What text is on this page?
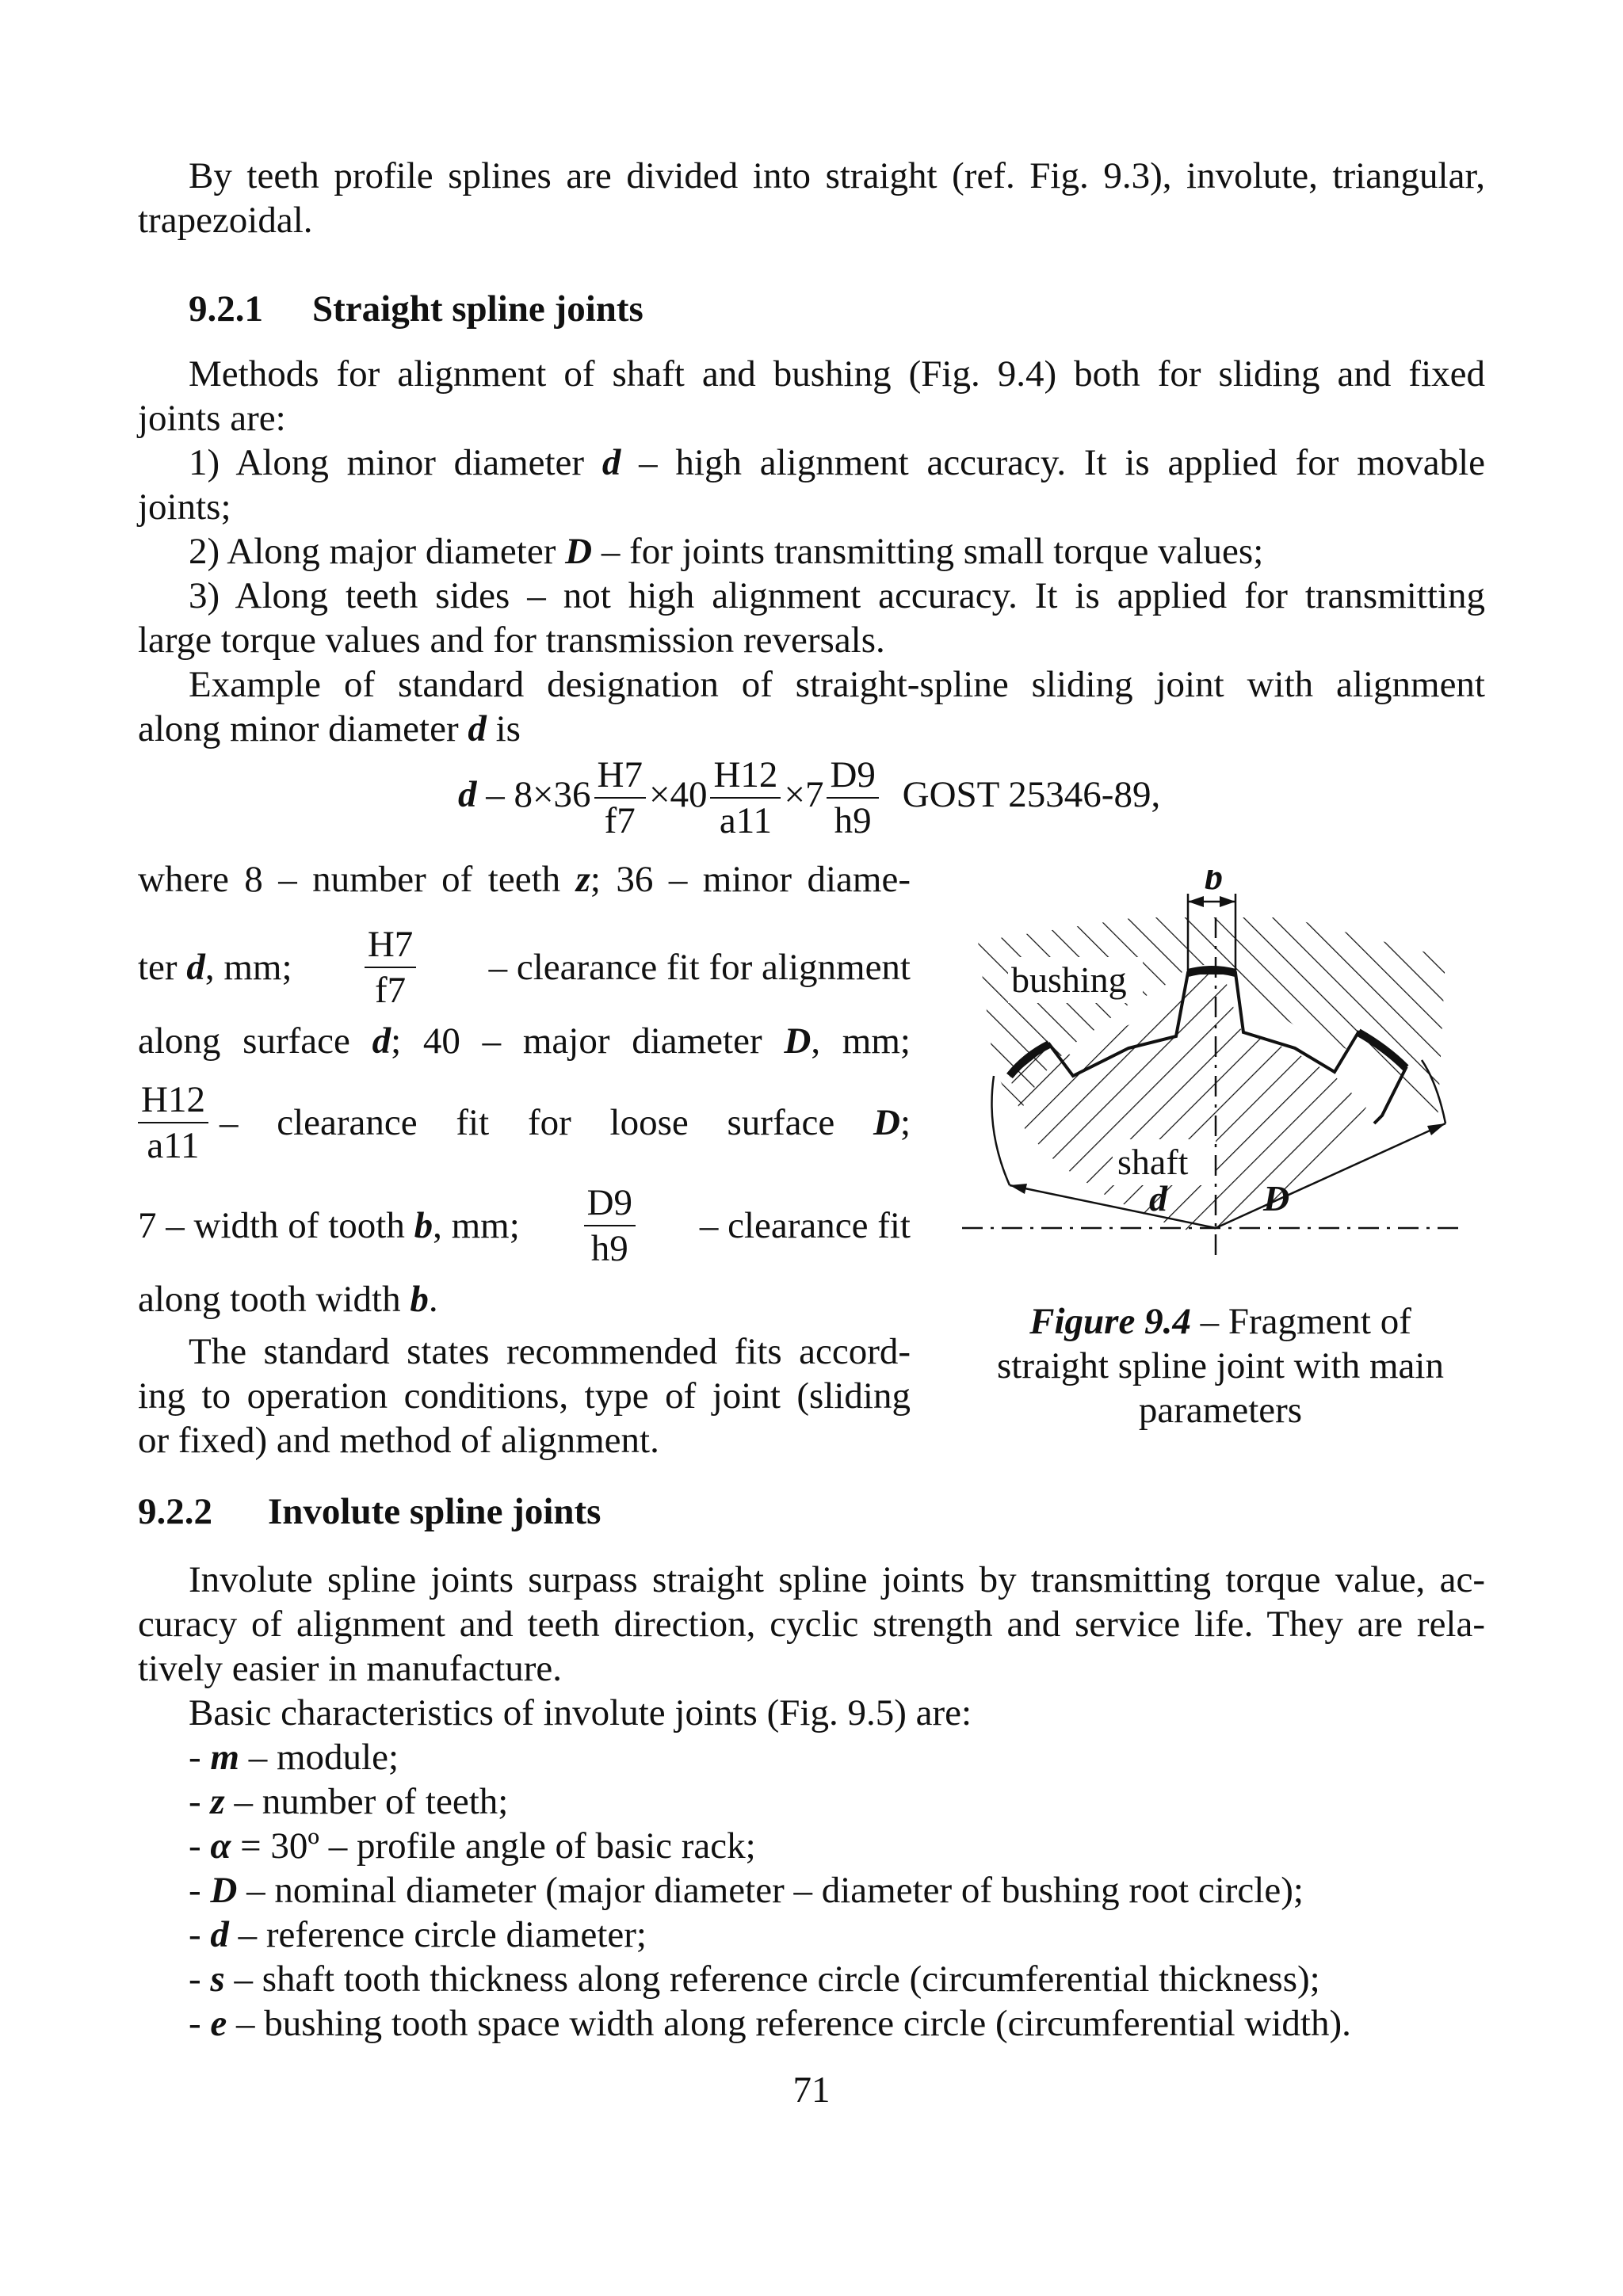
By teeth profile splines are divided into straight (ref. Fig. 9.3), involute, triangular,

trapezoidal.

9.2.1 Straight spline joints

Methods for alignment of shaft and bushing (Fig. 9.4) both for sliding and fixed

joints are:

1) Along minor diameter d – high alignment accuracy. It is applied for movable

joints;

2) Along major diameter D – for joints transmitting small torque values;

3) Along teeth sides – not high alignment accuracy. It is applied for transmitting

large torque values and for transmission reversals.

Example of standard designation of straight-spline sliding joint with alignment

along minor diameter d is

$d - 8\times 36 \frac{H7}{f7} \times 40 \frac{H12}{a11} \times 7 \frac{D9}{h9}$ GOST 25346-89,

where 8 – number of teeth z; 36 – minor diame-

ter d, mm; $\frac{H7}{f7}$ – clearance fit for alignment

along surface d; 40 – major diameter D, mm;

$\frac{H12}{a11}$ – clearance fit for loose surface D;

7 – width of tooth b, mm; $\frac{D9}{h9}$ – clearance fit

along tooth width b.

The standard states recommended fits accord-

ing to operation conditions, type of joint (sliding

or fixed) and method of alignment.

b
bushing
shaft
d	D
Figure 9.4 – Fragment of
straight spline joint with main
parameters
9.2.2 Involute spline joints

Involute spline joints surpass straight spline joints by transmitting torque value, ac-

curacy of alignment and teeth direction, cyclic strength and service life. They are rela-

tively easier in manufacture.

Basic characteristics of involute joints (Fig. 9.5) are:

- m – module;

- z – number of teeth;

- α = 30º – profile angle of basic rack;

- D – nominal diameter (major diameter – diameter of bushing root circle);

- d – reference circle diameter;

- s – shaft tooth thickness along reference circle (circumferential thickness);

- e – bushing tooth space width along reference circle (circumferential width).

71
